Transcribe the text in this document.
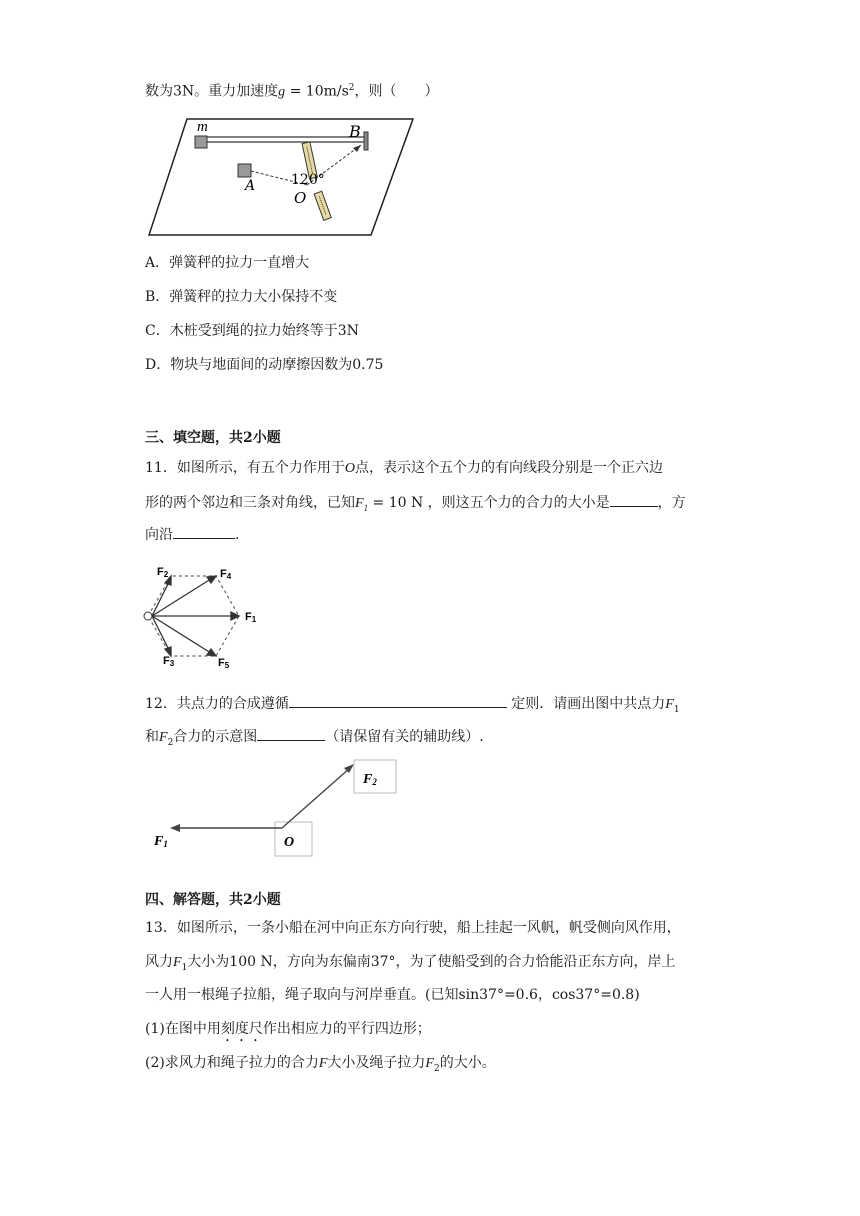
数为3N。重力加速度$g = 10m/s^2$，则（　　）
m	B
A
O
120°
A．弹簧秤的拉力一直增大
B．弹簧秤的拉力大小保持不变
C．木桩受到绳的拉力始终等于3N
D．物块与地面间的动摩擦因数为0.75
三、填空题，共2小题
11．如图所示，有五个力作用于O点，表示这个五个力的有向线段分别是一个正六边
形的两个邻边和三条对角线，已知$F_1 = 10$ N ，则这五个力的合力的大小是	，方
向沿	.
F2	F4
F1
F3	F5
12．共点力的合成遵循	定则．请画出图中共点力$F_1$
和$F_2$合力的示意图	（请保留有关的辅助线）.
F2
O
F1
四、解答题，共2小题
13．如图所示，一条小船在河中向正东方向行驶，船上挂起一风帆，帆受侧向风作用，
风力$F_1$大小为100 N，方向为东偏南37°，为了使船受到的合力恰能沿正东方向，岸上
一人用一根绳子拉船，绳子取向与河岸垂直。(已知sin37°=0.6，cos37°=0.8)
(1)在图中用刻度尺作出相应力的平行四边形；
(2)求风力和绳子拉力的合力F大小及绳子拉力$F_2$的大小。
